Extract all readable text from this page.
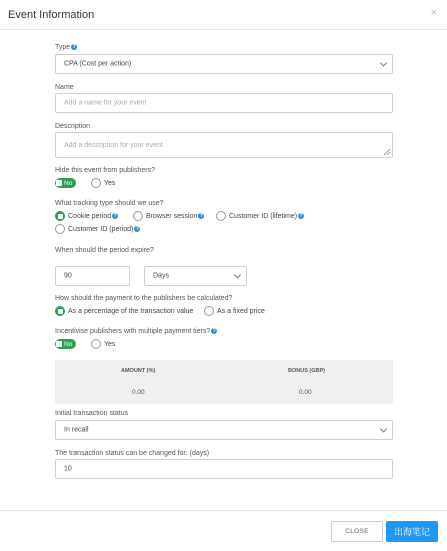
Event Information	×
Type ?
CPA (Cost per action)
Name
Add a name for your event
Description
Add a description for your event
Hide this event from publishers?
No	Yes
What tracking type should we use?
Cookie period ?	Browser session ?	Customer ID (lifetime) ?
Customer ID (period) ?
When should the period expire?
90	Days
How should the payment to the publishers be calculated?
As a percentage of the transaction value	As a fixed price
Incentivise publishers with multiple payment tiers? ?
No	Yes
AMOUNT (%)	BONUS (GBP)
0.00	0.00
Initial transaction status
In recall
The transaction status can be changed for: (days)
10
CLOSE	出海笔记
